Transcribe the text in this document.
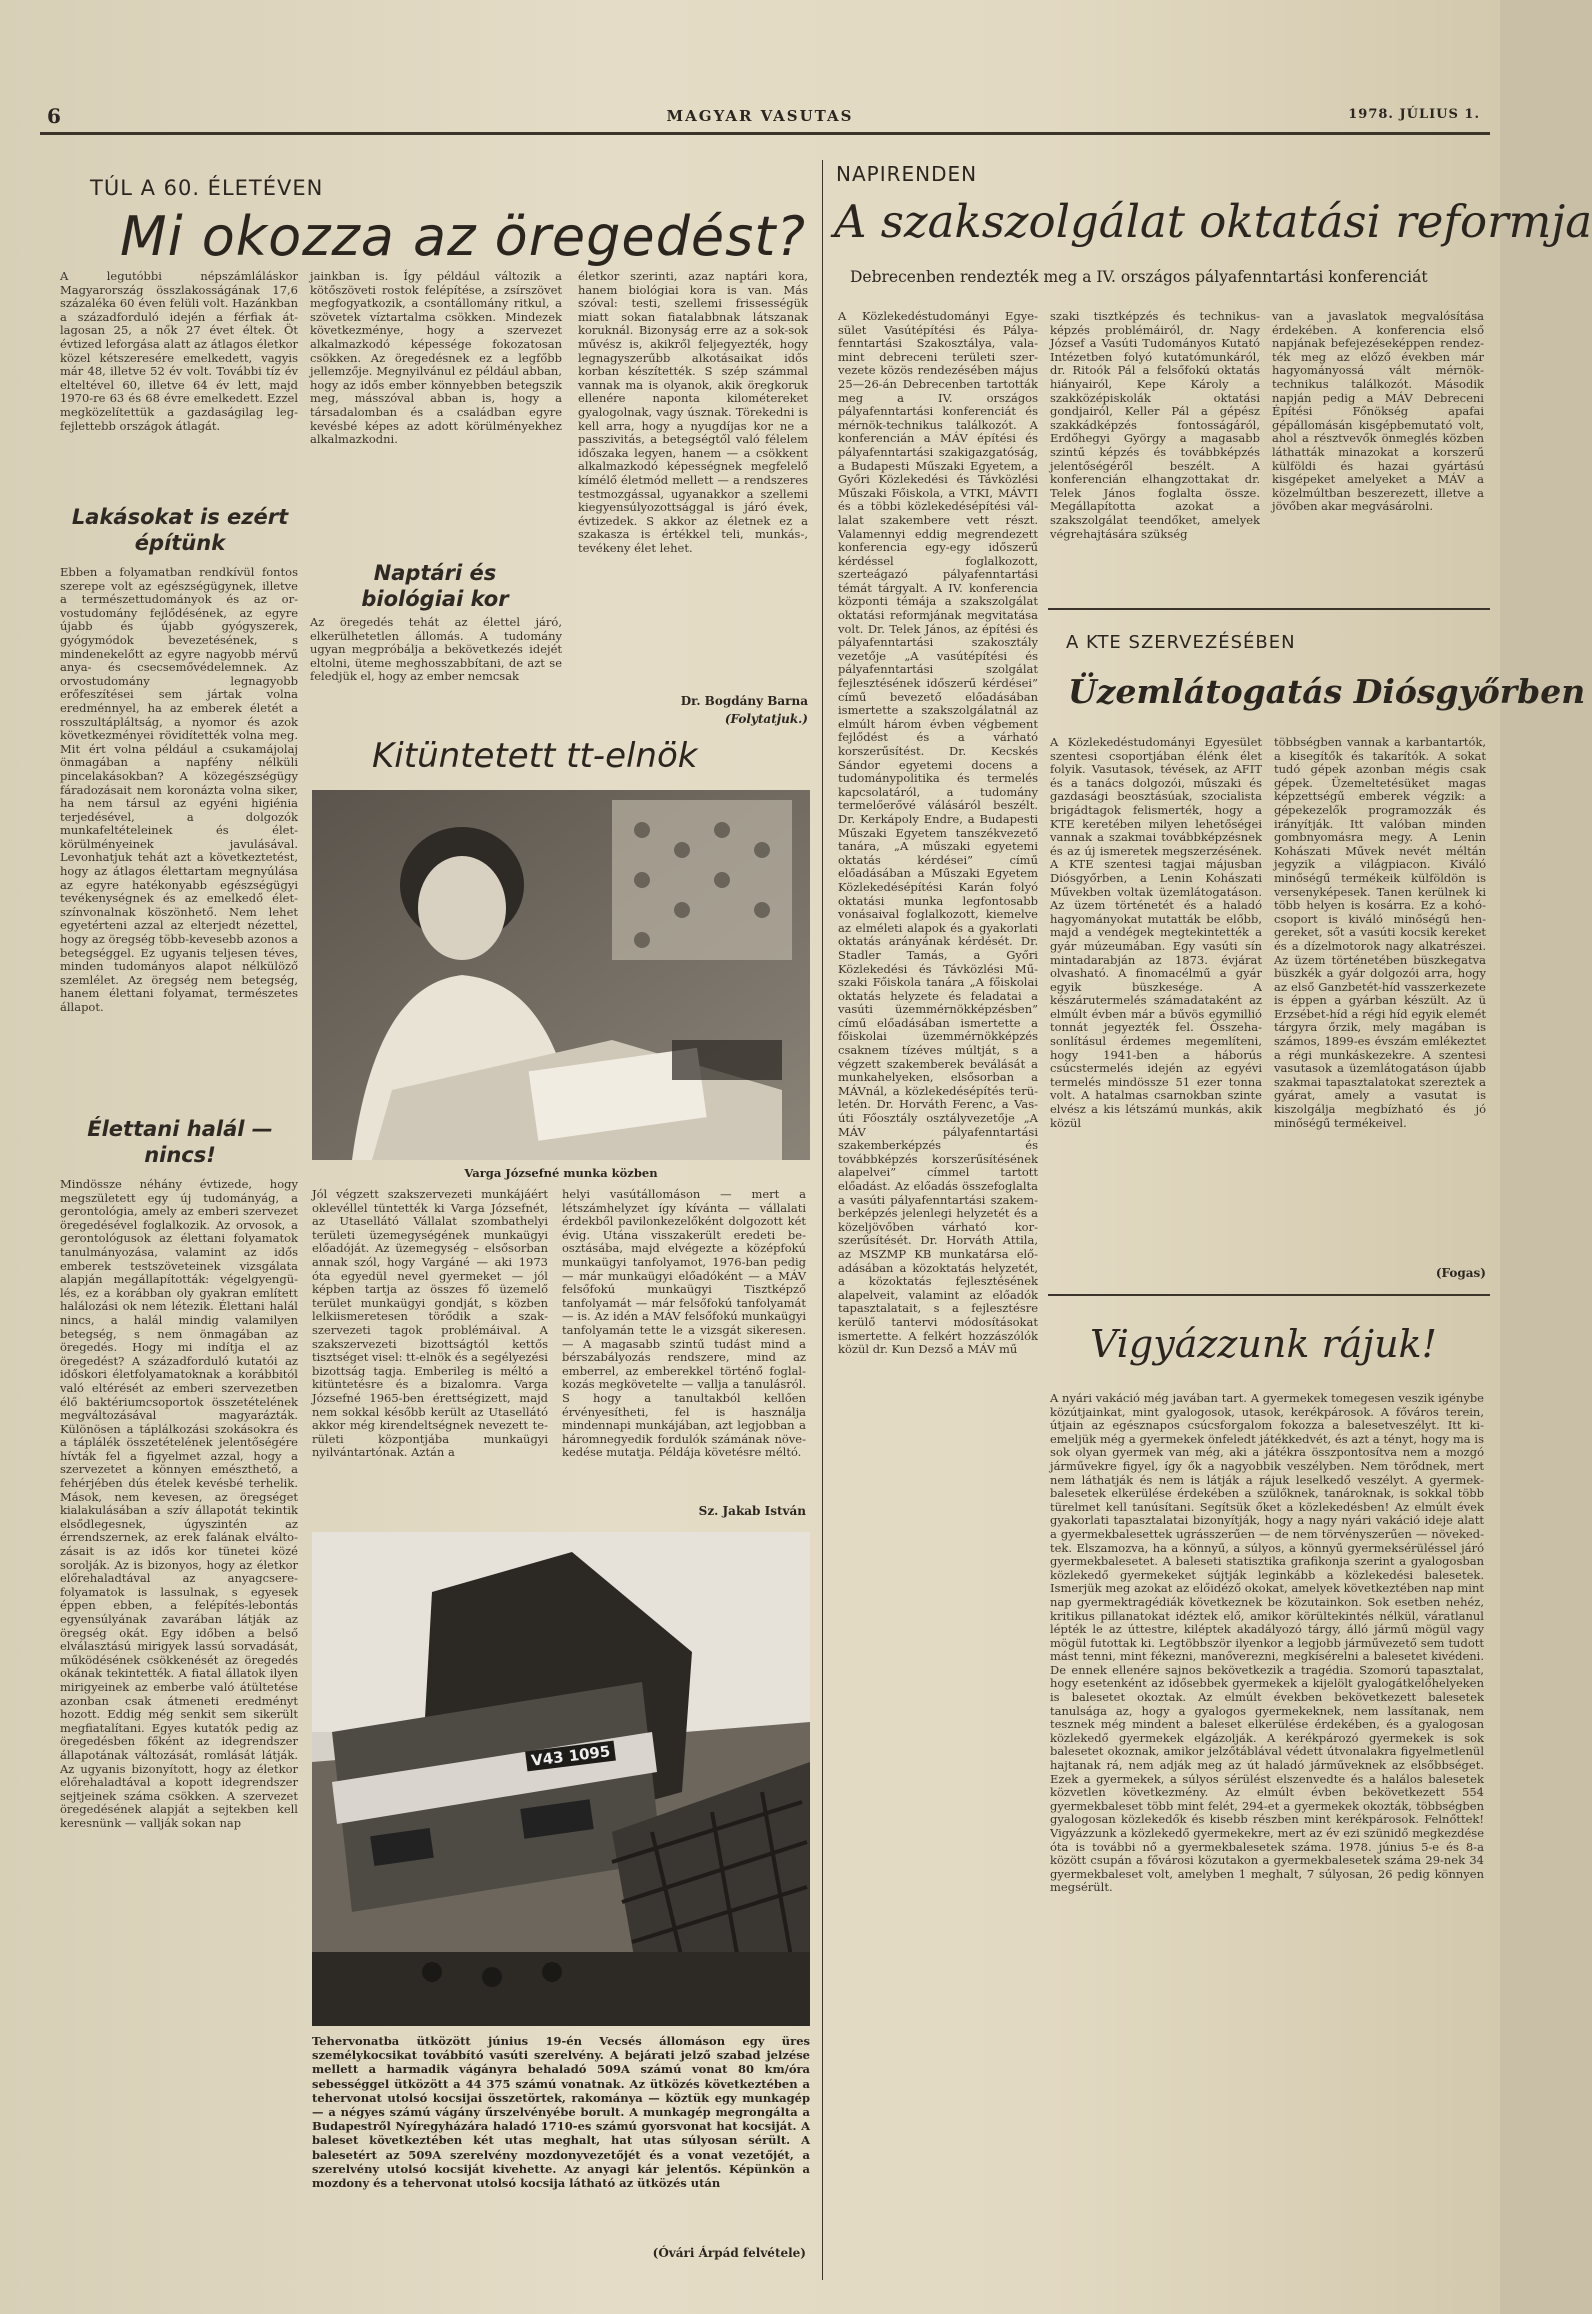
6	MAGYAR VASUTAS	1978. JÚLIUS 1.
TÚL A 60. ÉLETÉVEN
Mi okozza az öregedést?
A legutóbbi népszámláláskor Magyarország összlakosságának 17,6 százaléka 60 éven felüli volt. Hazánkban a századforduló idején a férfiak átlagosan 25, a nők 27 évet éltek. Öt évtized leforgása alatt az átlagos életkor közel kétszeresére emelkedett, vagyis már 48, illetve 52 év volt. További tíz év elteltével 60, illetve 64 év lett, majd 1970-re 63 és 68 évre emelkedett. Ezzel megközelítettük a gazdaságilag legfejlettebb országok átlagát.
Lakásokat is ezért építünk
Ebben a folyamatban rendkívül fontos szerepe volt az egészségügynek, illetve a természettudományok és az orvostudomány fejlődésének, az egyre újabb és újabb gyógyszerek, gyógymódok bevezetésének, s mindenekelőtt az egyre nagyobb mérvű anya- és csecsemővédelemnek. Az orvostudomány legnagyobb erőfeszítései sem jártak volna eredménnyel, ha az emberek életét a rosszultápláltság, a nyomor és azok következményei rövidítették volna meg. Mit ért volna például a csukamájolaj önmagában a napfény nélküli pincelakásokban? A közegészségügy fáradozásait nem koronázta volna siker, ha nem társul az egyéni higiénia terjedésével, a dolgozók munkafeltételeinek és életkörülményeinek javulásával. Levonhatjuk tehát azt a következtetést, hogy az átlagos élettartam megnyúlása az egyre hatékonyabb egészségügyi tevékenységnek és az emelkedő életszínvonalnak köszönhető. Nem lehet egyetérteni azzal az elterjedt nézettel, hogy az öregség több-kevesebb azonos a betegséggel. Ez ugyanis teljesen téves, minden tudományos alapot nélkülöző szemlélet. Az öregség nem betegség, hanem élettani folyamat, természetes állapot.
Élettani halál — nincs!
Mindössze néhány évtizede, hogy megszületett egy új tudományág, a gerontológia, amely az emberi szervezet öregedésével foglalkozik. Az orvosok, a gerontológusok az élettani folyamatok tanulmányozása, valamint az idős emberek testszöveteinek vizsgálata alapján megállapították: végelgyengülés, ez a korábban oly gyakran említett halálozási ok nem létezik. Élettani halál nincs, a halál mindig valamilyen betegség, s nem önmagában az öregedés. Hogy mi indítja el az öregedést? A századforduló kutatói az időskori életfolyamatoknak a korábbitól való eltérését az emberi szervezetben élő baktériumcsoportok összetételének megváltozásával magyarázták. Különösen a táplálkozási szokásokra és a táplálék összetételének jelentőségére hívták fel a figyelmet azzal, hogy a szervezetet a könnyen emészthető, a fehérjében dús ételek kevésbé terhelik. Mások, nem kevesen, az öregséget kialakulásában a szív állapotát tekintik elsődlegesnek, úgyszintén az érrendszernek, az erek falának elváltozásait is az idős kor tünetei közé sorolják. Az is bizonyos, hogy az életkor előrehaladtával az anyagcsere-folyamatok is lassulnak, s egyesek éppen ebben, a felépítés-lebontás egyensúlyának zavarában látják az öregség okát. Egy időben a belső elválasztású mirigyek lassú sorvadását, működésének csökkenését az öregedés okának tekintették. A fiatal állatok ilyen mirigyeinek az emberbe való átültetése azonban csak átmeneti eredményt hozott. Eddig még senkit sem sikerült megfiatalítani. Egyes kutatók pedig az öregedésben főként az idegrendszer állapotának változását, romlását látják. Az ugyanis bizonyított, hogy az életkor előrehaladtával a kopott idegrendszer sejtjeinek száma csökken. A szervezet öregedésének alapját a sejtekben kell keresnünk — vallják sokan nap
jainkban is. Így például változik a kötőszöveti rostok felépítése, a zsírszövet megfogyatkozik, a csontállomány ritkul, a szövetek víztartalma csökken. Mindezek következménye, hogy a szervezet alkalmazkodó képessége fokozatosan csökken. Az öregedésnek ez a legfőbb jellemzője. Megnyilvánul ez például abban, hogy az idős ember könnyebben betegszik meg, másszóval abban is, hogy a társadalomban és a családban egyre kevésbé képes az adott körülményekhez alkalmazkodni.
Naptári és biológiai kor
Az öregedés tehát az élettel járó, elkerülhetetlen állomás. A tudomány ugyan megpróbálja a bekövetkezés idejét eltolni, üteme meghosszabbítani, de azt se feledjük el, hogy az ember nemcsak
életkor szerinti, azaz naptári kora, hanem biológiai kora is van. Más szóval: testi, szellemi frissességük miatt sokan fiatalabbnak látszanak koruknál. Bizonyság erre az a sok-sok művész is, akikről feljegyezték, hogy legnagyszerűbb alkotásaikat idős korban készítették. S szép számmal vannak ma is olyanok, akik öregkoruk ellenére naponta kilométereket gyalogolnak, vagy úsznak. Törekedni is kell arra, hogy a nyugdíjas kor ne a passzivitás, a betegségtől való félelem időszaka legyen, hanem — a csökkent alkalmazkodó képességnek megfelelő kímélő életmód mellett — a rendszeres testmozgással, ugyanakkor a szellemi kiegyensúlyozottsággal is járó évek, évtizedek. S akkor az életnek ez a szakasza is értékkel teli, munkás-, tevékeny élet lehet.
Dr. Bogdány Barna
(Folytatjuk.)
Kitüntetett tt-elnök
Varga Józsefné munka közben
Jól végzett szakszervezeti munkájáért oklevéllel tüntették ki Varga Józsefnét, az Utasellátó Vállalat szombathelyi területi üzemegységének munkaügyi előadóját. Az üzemegység – elsősorban annak szól, hogy Vargáné — aki 1973 óta egyedül nevel gyermeket — jól képben tartja az összes fő üzemelő terület munkaügyi gondját, s közben lelkiismeretesen törődik a szakszervezeti tagok problémáival. A szakszervezeti bizottságtól kettős tisztséget visel: tt-elnök és a segélyezési bizottság tagja. Emberileg is méltó a kitüntetésre és a bizalomra. Varga Józsefné 1965-ben érettségizett, majd nem sokkal később került az Utasellátó akkor még kirendeltségnek nevezett területi központjába munkaügyi nyilvántartónak. Aztán a
helyi vasútállomáson — mert a létszámhelyzet így kívánta — vállalati érdekből pavilonkezelőként dolgozott két évig. Utána visszakerült eredeti beosztásába, majd elvégezte a középfokú munkaügyi tanfolyamot, 1976-ban pedig — már munkaügyi előadóként — a MÁV felsőfokú munkaügyi Tisztképző tanfolyamát — már felsőfokú tanfolyamát — is. Az idén a MÁV felsőfokú munkaügyi tanfolyamán tette le a vizsgát sikeresen. — A magasabb szintű tudást mind a bérszabályozás rendszere, mind az emberrel, az emberekkel történő foglalkozás megkövetelte — vallja a tanulásról. S hogy a tanultakból kellően érvényesítheti, fel is használja mindennapi munkájában, azt legjobban a háromnegyedik fordulók számának növekedése mutatja. Példája követésre méltó.
Sz. Jakab István
V43 1095
Tehervonatba ütközött június 19-én Vecsés állomáson egy üres személykocsikat továbbító vasúti szerelvény. A bejárati jelző szabad jelzése mellett a harmadik vágányra behaladó 509A számú vonat 80 km/óra sebességgel ütközött a 44 375 számú vonatnak. Az ütközés következtében a tehervonat utolsó kocsijai összetörtek, rakománya — köztük egy munkagép — a négyes számú vágány űrszelvényébe borult. A munkagép megrongálta a Budapestről Nyíregyházára haladó 1710-es számú gyorsvonat hat kocsiját. A baleset következtében két utas meghalt, hat utas súlyosan sérült. A balesetért az 509A szerelvény mozdonyvezetőjét és a vonat vezetőjét, a szerelvény utolsó kocsiját kivehette. Az anyagi kár jelentős. Képünkön a mozdony és a tehervonat utolsó kocsija látható az ütközés után
(Óvári Árpád felvétele)
NAPIRENDEN
A szakszolgálat oktatási reformja
Debrecenben rendezték meg a IV. országos pályafenntartási konferenciát
A Közlekedéstudományi Egyesület Vasútépítési és Pályafenntartási Szakosztálya, valamint debreceni területi szervezete közös rendezésében május 25—26-án Debrecenben tartották meg a IV. országos pályafenntartási konferenciát és mérnök-technikus találkozót. A konferencián a MÁV építési és pályafenntartási szakigazgatóság, a Budapesti Műszaki Egyetem, a Győri Közlekedési és Távközlési Műszaki Főiskola, a VTKI, MÁVTI és a többi közlekedésépítési vállalat szakembere vett részt. Valamennyi eddig megrendezett konferencia egy-egy időszerű kérdéssel foglalkozott, szerteágazó pályafenntartási témát tárgyalt. A IV. konferencia központi témája a szakszolgálat oktatási reformjának megvitatása volt. Dr. Telek János, az építési és pályafenntartási szakosztály vezetője „A vasútépítési és pályafenntartási szolgálat fejlesztésének időszerű kérdései” című bevezető előadásában ismertette a szakszolgálatnál az elmúlt három évben végbement fejlődést és a várható korszerűsítést. Dr. Kecskés Sándor egyetemi docens a tudománypolitika és termelés kapcsolatáról, a tudomány termelőerővé válásáról beszélt. Dr. Kerkápoly Endre, a Budapesti Műszaki Egyetem tanszékvezető tanára, „A műszaki egyetemi oktatás kérdései” című előadásában a Műszaki Egyetem Közlekedésépítési Karán folyó oktatási munka legfontosabb vonásaival foglalkozott, kiemelve az elméleti alapok és a gyakorlati oktatás arányának kérdését. Dr. Stadler Tamás, a Győri Közlekedési és Távközlési Műszaki Főiskola tanára „A főiskolai oktatás helyzete és feladatai a vasúti üzemmérnökképzésben” című előadásában ismertette a főiskolai üzemmérnökképzés csaknem tízéves múltját, s a végzett szakemberek beválását a munkahelyeken, elsősorban a MÁVnál, a közlekedésépítés területén. Dr. Horváth Ferenc, a Vasúti Főosztály osztályvezetője „A MÁV pályafenntartási szakemberképzés és továbbképzés korszerűsítésének alapelvei” címmel tartott előadást. Az előadás összefoglalta a vasúti pályafenntartási szakemberképzés jelenlegi helyzetét és a közeljövőben várható korszerűsítését. Dr. Horváth Attila, az MSZMP KB munkatársa előadásában a közoktatás helyzetét, a közoktatás fejlesztésének alapelveit, valamint az előadók tapasztalatait, s a fejlesztésre kerülő tantervi módosításokat ismertette. A felkért hozzászólók közül dr. Kun Dezső a MÁV mű
szaki tisztképzés és technikusképzés problémáiról, dr. Nagy József a Vasúti Tudományos Kutató Intézetben folyó kutatómunkáról, dr. Ritoók Pál a felsőfokú oktatás hiányairól, Kepe Károly a szakközépiskolák oktatási gondjairól, Keller Pál a gépész szakkádképzés fontosságáról, Erdőhegyi György a magasabb szintű képzés és továbbképzés jelentőségéről beszélt. A konferencián elhangzottakat dr. Telek János foglalta össze. Megállapította azokat a szakszolgálat teendőket, amelyek végrehajtására szükség
van a javaslatok megvalósítása érdekében. A konferencia első napjának befejezéseképpen rendezték meg az előző években már hagyományossá vált mérnöktechnikus találkozót. Második napján pedig a MÁV Debreceni Építési Főnökség apafai gépállomásán kisgépbemutató volt, ahol a résztvevők önmeglés közben láthatták minazokat a korszerű külföldi és hazai gyártású kisgépeket amelyeket a MÁV a közelmúltban beszerezett, illetve a jövőben akar megvásárolni.
A KTE SZERVEZÉSÉBEN
Üzemlátogatás Diósgyőrben
A Közlekedéstudományi Egyesület szentesi csoportjában élénk élet folyik. Vasutasok, tévések, az AFIT és a tanács dolgozói, műszaki és gazdasági beosztásúak, szocialista brigádtagok felismerték, hogy a KTE keretében milyen lehetőségei vannak a szakmai továbbképzésnek és az új ismeretek megszerzésének. A KTE szentesi tagjai májusban Diósgyőrben, a Lenin Kohászati Művekben voltak üzemlátogatáson. Az üzem történetét és a haladó hagyományokat mutatták be előbb, majd a vendégek megtekintették a gyár múzeumában. Egy vasúti sín mintadarabján az 1873. évjárat olvasható. A finomacélmű a gyár egyik büszkesége. A készárutermelés számadataként az elmúlt évben már a bűvös egymillió tonnát jegyezték fel. Összehasonlításul érdemes megemlíteni, hogy 1941-ben a háborús csúcstermelés idején az egyévi termelés mindössze 51 ezer tonna volt. A hatalmas csarnokban szinte elvész a kis létszámú munkás, akik közül
többségben vannak a karbantartók, a kisegítők és takarítók. A sokat tudó gépek azonban mégis csak gépek. Üzemeltetésüket magas képzettségű emberek végzik: a gépekezelők programozzák és irányítják. Itt valóban minden gombnyomásra megy. A Lenin Kohászati Művek nevét méltán jegyzik a világpiacon. Kiváló minőségű termékeik külföldön is versenyképesek. Tanen kerülnek ki több helyen is kosárra. Ez a kohócsoport is kiváló minőségű hengereket, sőt a vasúti kocsik kereket és a dízelmotorok nagy alkatrészei. Az üzem történetében büszkegatva büszkék a gyár dolgozói arra, hogy az első Ganzbetét-híd vasszerkezete is éppen a gyárban készült. Az ü Erzsébet-híd a régi híd egyik elemét tárgyra őrzik, mely magában is számos, 1899-es évszám emlékeztet a régi munkáskezekre. A szentesi vasutasok a üzemlátogatáson újabb szakmai tapasztalatokat szereztek a gyárat, amely a vasutat is kiszolgálja megbízható és jó minőségű termékeivel.
(Fogas)
Vigyázzunk rájuk!
A nyári vakáció még javában tart. A gyermekek tomegesen veszik igénybe közútjainkat, mint gyalogosok, utasok, kerékpárosok. A főváros terein, útjain az egésznapos csúcsforgalom fokozza a balesetveszélyt. Itt kiemeljük még a gyermekek önfeledt játékkedvét, és azt a tényt, hogy ma is sok olyan gyermek van még, aki a játékra összpontosítva nem a mozgó járművekre figyel, így ők a nagyobbik veszélyben. Nem törődnek, mert nem láthatják és nem is látják a rájuk leselkedő veszélyt. A gyermekbalesetek elkerülése érdekében a szülőknek, tanároknak, is sokkal több türelmet kell tanúsítani. Segítsük őket a közlekedésben! Az elmúlt évek gyakorlati tapasztalatai bizonyítják, hogy a nagy nyári vakáció ideje alatt a gyermekbalesettek ugrásszerűen — de nem törvényszerűen — növekedtek. Elszamozva, ha a könnyű, a súlyos, a könnyű gyermeksérüléssel járó gyermekbalesetet. A baleseti statisztika grafikonja szerint a gyalogosban közlekedő gyermekeket sújtják leginkább a közlekedési balesetek. Ismerjük meg azokat az előidéző okokat, amelyek következtében nap mint nap gyermektragédiák következnek be közutainkon. Sok esetben nehéz, kritikus pillanatokat idéztek elő, amikor körültekintés nélkül, váratlanul lépték le az úttestre, kiléptek akadályozó tárgy, álló jármű mögül vagy mögül futottak ki. Legtöbbször ilyenkor a legjobb járművezető sem tudott mást tenni, mint fékezni, manőverezni, megkísérelni a balesetet kivédeni. De ennek ellenére sajnos bekövetkezik a tragédia. Szomorú tapasztalat, hogy esetenként az idősebbek gyermekek a kijelölt gyalogátkelőhelyeken is balesetet okoztak. Az elmúlt években bekövetkezett balesetek tanulsága az, hogy a gyalogos gyermekeknek, nem lassítanak, nem tesznek még mindent a baleset elkerülése érdekében, és a gyalogosan közlekedő gyermekek elgázolják. A kerékpározó gyermekek is sok balesetet okoznak, amikor jelzőtáblával védett útvonalakra figyelmetlenül hajtanak rá, nem adják meg az út haladó járműveknek az elsőbbséget. Ezek a gyermekek, a súlyos sérülést elszenvedte és a halálos balesetek közvetlen következmény. Az elmúlt évben bekövetkezett 554 gyermekbaleset több mint felét, 294-et a gyermekek okozták, többségben gyalogosan közlekedők és kisebb részben mint kerékpárosok. Felnőttek! Vigyázzunk a közlekedő gyermekekre, mert az év ezi szünidő megkezdése óta is további nő a gyermekbalesetek száma. 1978. június 5-e és 8-a között csupán a fővárosi közutakon a gyermekbalesetek száma 29-nek 34 gyermekbaleset volt, amelyben 1 meghalt, 7 súlyosan, 26 pedig könnyen megsérült.
